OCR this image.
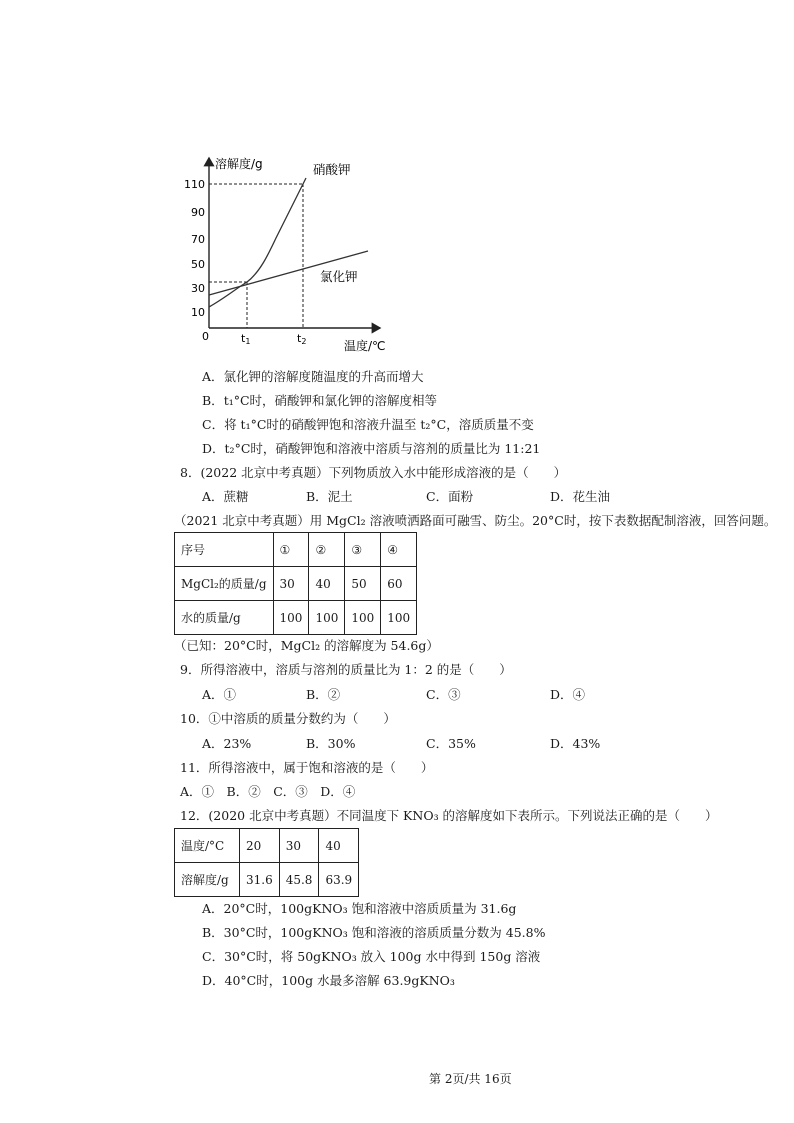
溶解度/g
温度/℃
0
110
90
70
50
30
10
t1	t2
硝酸钾
氯化钾
A．氯化钾的溶解度随温度的升高而增大
B．t₁°C时，硝酸钾和氯化钾的溶解度相等
C．将 t₁°C时的硝酸钾饱和溶液升温至 t₂°C，溶质质量不变
D．t₂°C时，硝酸钾饱和溶液中溶质与溶剂的质量比为 11:21
8．(2022 北京中考真题）下列物质放入水中能形成溶液的是（　　）
A．蔗糖	B．泥土	C．面粉	D．花生油
（2021 北京中考真题）用 MgCl₂ 溶液喷洒路面可融雪、防尘。20°C时，按下表数据配制溶液，回答问题。
序号	①	②	③	④
MgCl₂的质量/g	30	40	50	60
水的质量/g	100	100	100	100
（已知：20°C时，MgCl₂ 的溶解度为 54.6g）
9．所得溶液中，溶质与溶剂的质量比为 1：2 的是（　　）
A．①	B．②	C．③	D．④
10．①中溶质的质量分数约为（　　）
A．23%	B．30%	C．35%	D．43%
11．所得溶液中，属于饱和溶液的是（　　）
A．①　B．②　C．③　D．④
12．(2020 北京中考真题）不同温度下 KNO₃ 的溶解度如下表所示。下列说法正确的是（　　）
温度/°C	20	30	40
溶解度/g	31.6	45.8	63.9
A．20°C时，100gKNO₃ 饱和溶液中溶质质量为 31.6g
B．30°C时，100gKNO₃ 饱和溶液的溶质质量分数为 45.8%
C．30°C时，将 50gKNO₃ 放入 100g 水中得到 150g 溶液
D．40°C时，100g 水最多溶解 63.9gKNO₃
第 2页/共 16页
